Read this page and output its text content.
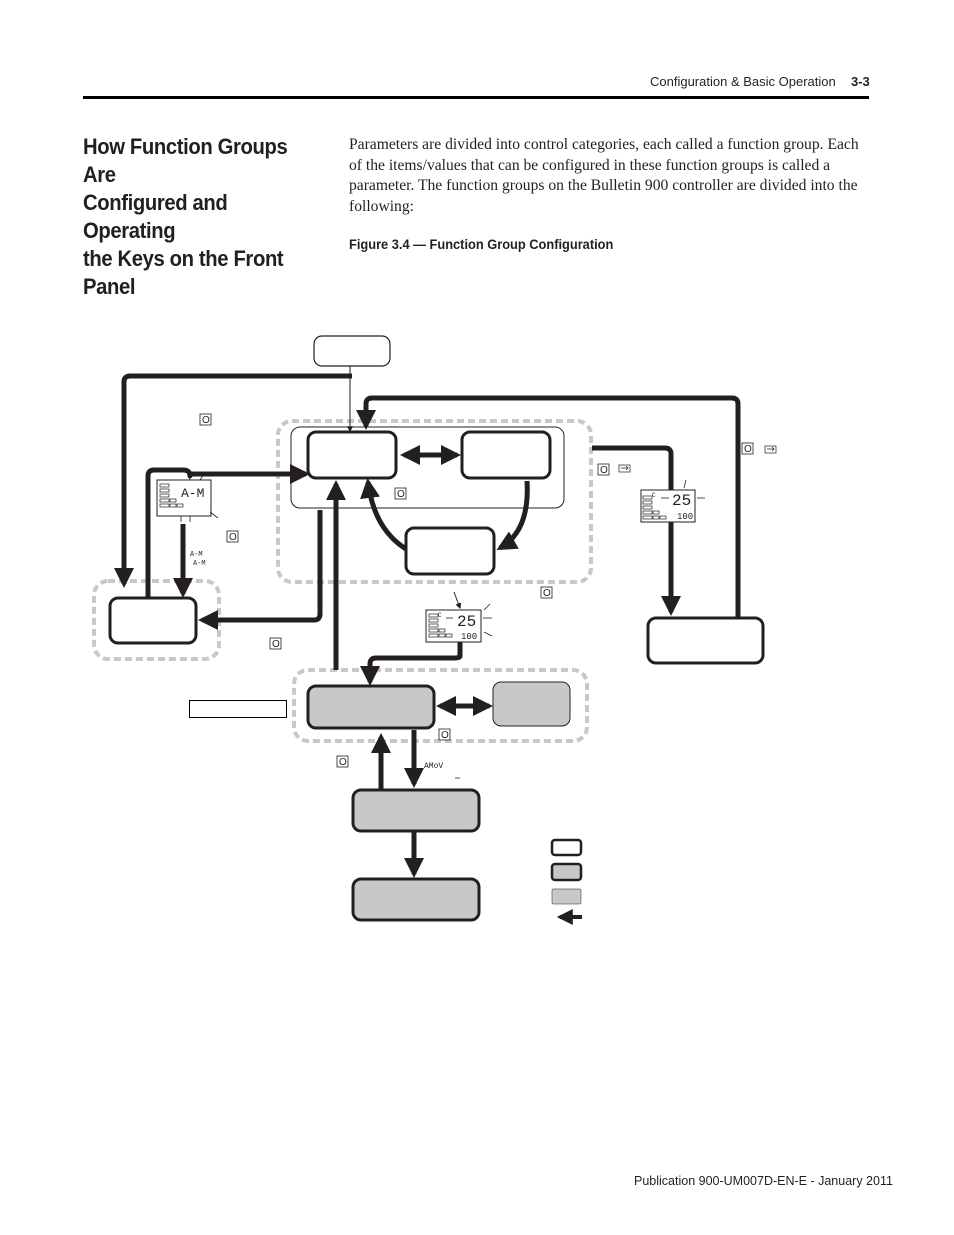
Configuration & Basic Operation 3-3
How Function Groups Are
Configured and Operating
the Keys on the Front Panel
Parameters are divided into control categories, each called a function group. Each of the items/values that can be configured in these function groups is called a parameter. The function groups on the Bulletin 900 controller are divided into the following:
Figure 3.4 — Function Group Configuration
O
O
O
O
O
O
O
O
O
A-M
A-M
A-M
C 25
100
C 25
100
AMoV
Publication 900-UM007D-EN-E - January 2011
